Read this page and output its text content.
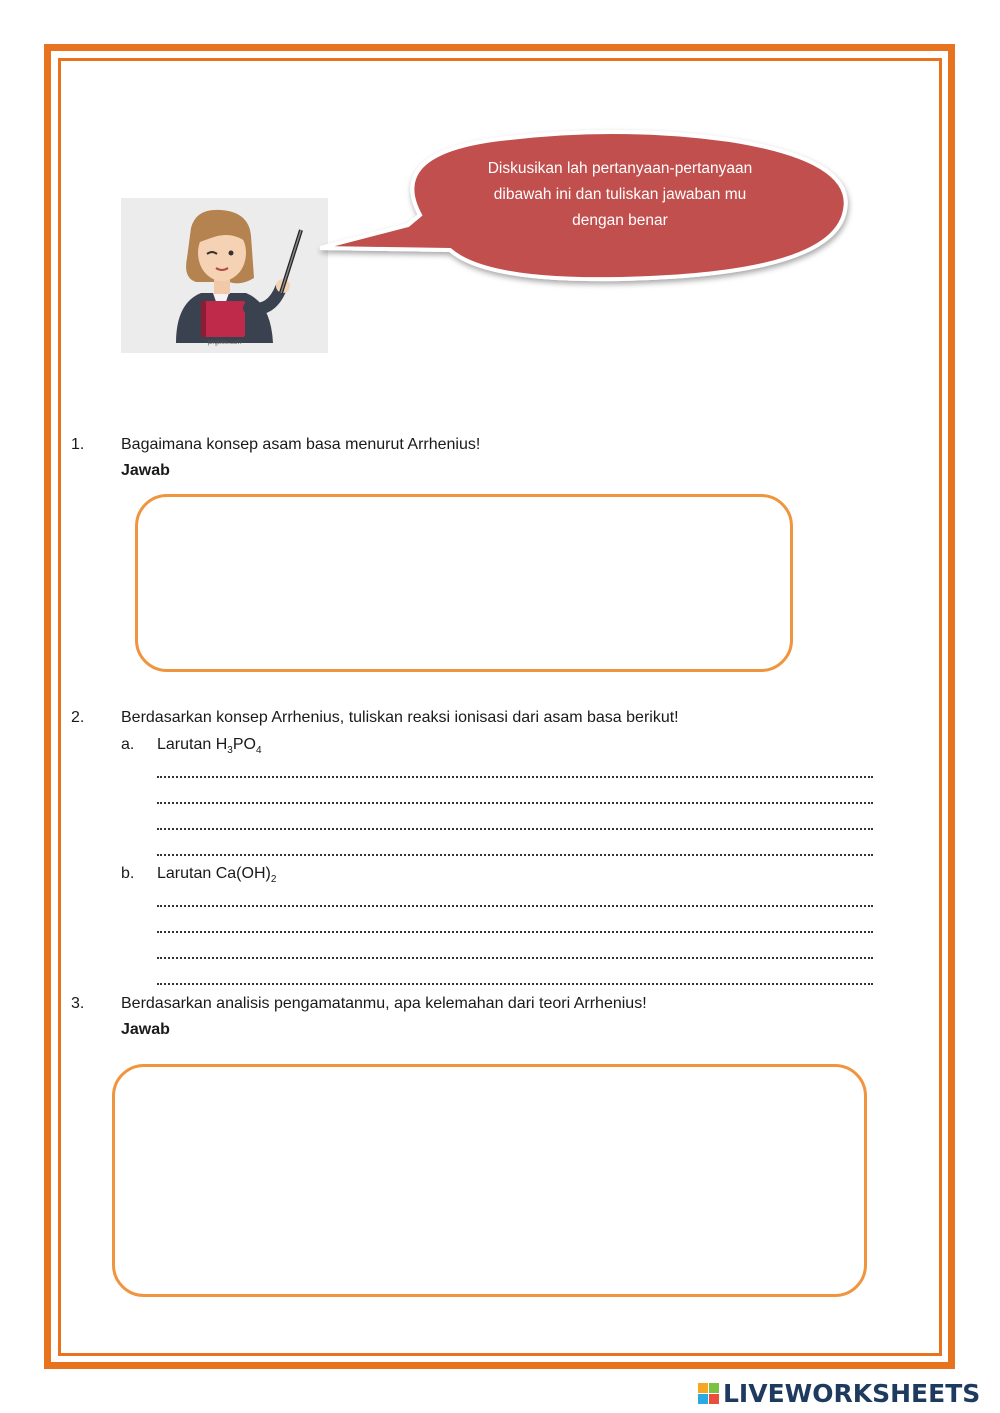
pngtree.com
Diskusikan lah pertanyaan-pertanyaan
dibawah ini dan tuliskan jawaban mu
dengan benar
1. Bagaimana konsep asam basa menurut Arrhenius!
Jawab
2. Berdasarkan konsep Arrhenius, tuliskan reaksi ionisasi dari asam basa berikut!
a. Larutan $H_3PO_4$
b. Larutan $Ca(OH)_2$
3. Berdasarkan analisis pengamatanmu, apa kelemahan dari teori Arrhenius!
Jawab
LIVEWORKSHEETS
